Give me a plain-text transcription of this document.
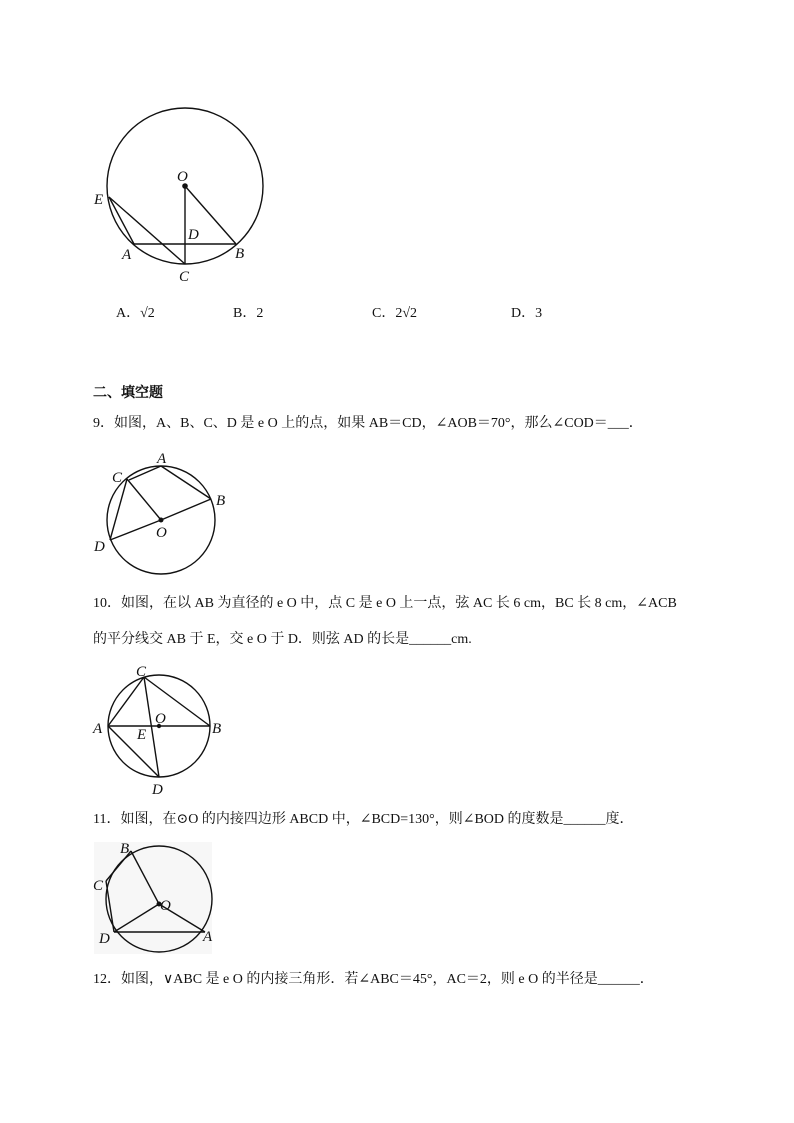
O
E
D
A
C
B
A．√2	B．2	C．2√2	D．3
二、填空题
9．如图，A、B、C、D 是 e O 上的点，如果 AB＝CD，∠AOB＝70°，那么∠COD＝___．
C
A
B
O
D
10．如图，在以 AB 为直径的 e O 中，点 C 是 e O 上一点，弦 AC 长 6 cm，BC 长 8 cm，∠ACB
的平分线交 AB 于 E，交 e O 于 D．则弦 AD 的长是______cm.
C
A
O
B
E
D
11．如图，在⊙O 的内接四边形 ABCD 中，∠BCD=130°，则∠BOD 的度数是______度．
B
C
O
D	A
12．如图，∨ABC 是 e O 的内接三角形．若∠ABC＝45°，AC＝2，则 e O 的半径是______．
